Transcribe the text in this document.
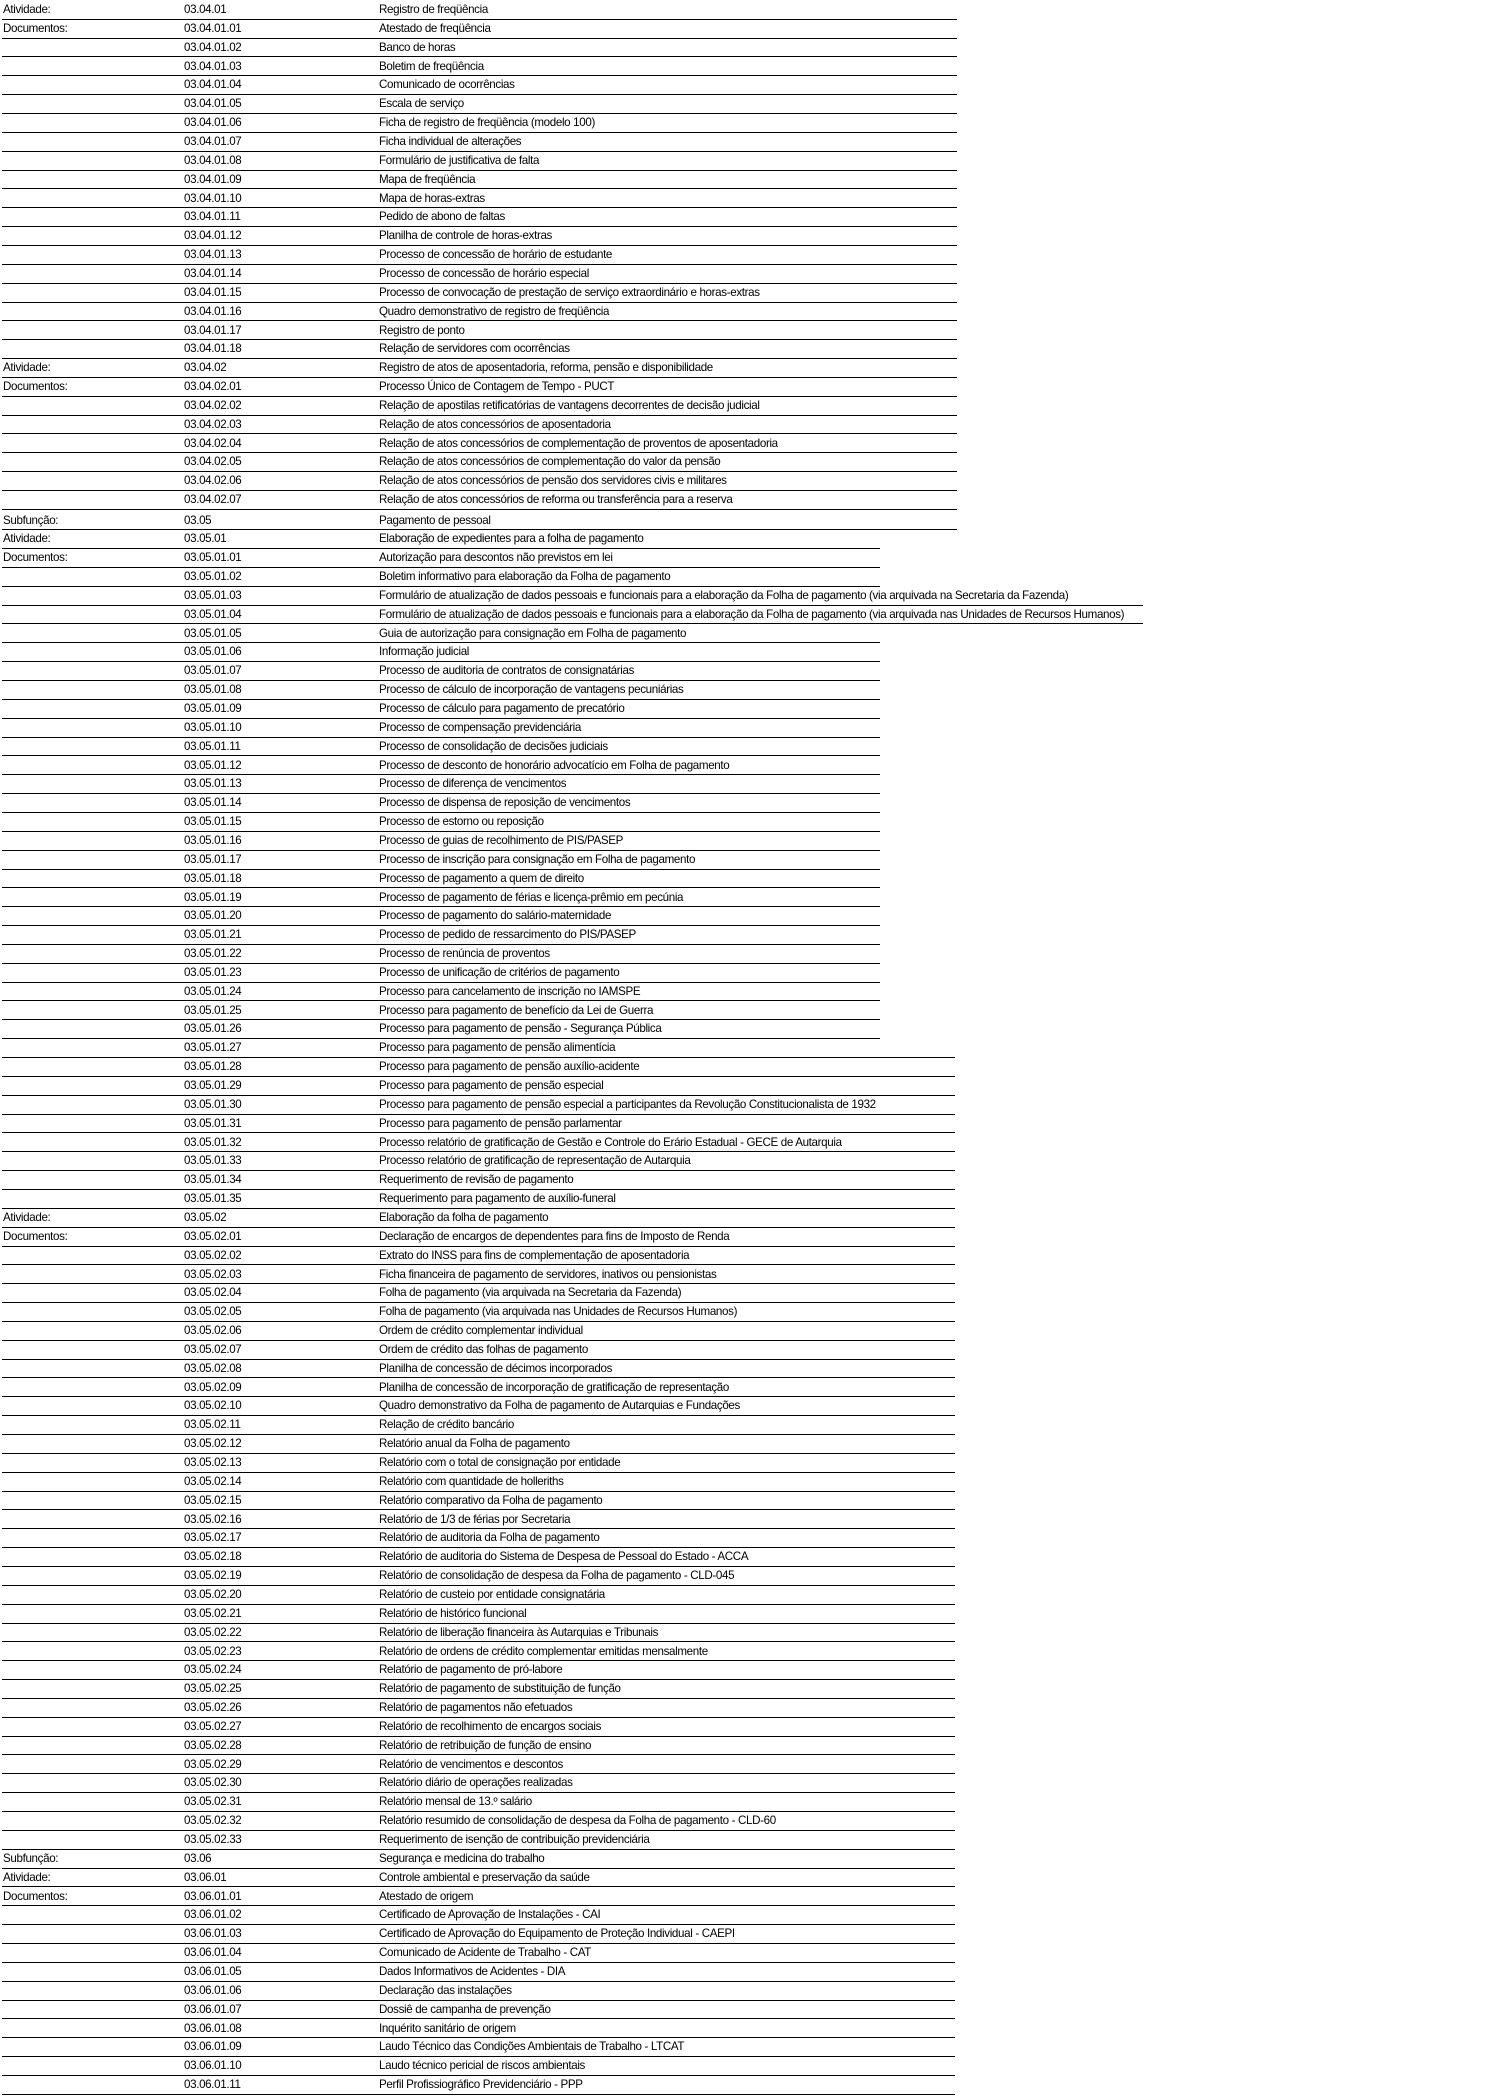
Atividade:	03.04.01	Registro de freqüência
Documentos:	03.04.01.01	Atestado de freqüência
03.04.01.02	Banco de horas
03.04.01.03	Boletim de freqüência
03.04.01.04	Comunicado de ocorrências
03.04.01.05	Escala de serviço
03.04.01.06	Ficha de registro de freqüência (modelo 100)
03.04.01.07	Ficha individual de alterações
03.04.01.08	Formulário de justificativa de falta
03.04.01.09	Mapa de freqüência
03.04.01.10	Mapa de horas-extras
03.04.01.11	Pedido de abono de faltas
03.04.01.12	Planilha de controle de horas-extras
03.04.01.13	Processo de concessão de horário de estudante
03.04.01.14	Processo de concessão de horário especial
03.04.01.15	Processo de convocação de prestação de serviço extraordinário e horas-extras
03.04.01.16	Quadro demonstrativo de registro de freqüência
03.04.01.17	Registro de ponto
03.04.01.18	Relação de servidores com ocorrências
Atividade:	03.04.02	Registro de atos de aposentadoria, reforma, pensão e disponibilidade
Documentos:	03.04.02.01	Processo Único de Contagem de Tempo - PUCT
03.04.02.02	Relação de apostilas retificatórias de vantagens decorrentes de decisão judicial
03.04.02.03	Relação de atos concessórios de aposentadoria
03.04.02.04	Relação de atos concessórios de complementação de proventos de aposentadoria
03.04.02.05	Relação de atos concessórios de complementação do valor da pensão
03.04.02.06	Relação de atos concessórios de pensão dos servidores civis e militares
03.04.02.07	Relação de atos concessórios de reforma ou transferência para a reserva
Subfunção:	03.05	Pagamento de pessoal
Atividade:	03.05.01	Elaboração de expedientes para a folha de pagamento
Documentos:	03.05.01.01	Autorização para descontos não previstos em lei
03.05.01.02	Boletim informativo para elaboração da Folha de pagamento
03.05.01.03	Formulário de atualização de dados pessoais e funcionais para a elaboração da Folha de pagamento (via arquivada na Secretaria da Fazenda)
03.05.01.04	Formulário de atualização de dados pessoais e funcionais para a elaboração da Folha de pagamento (via arquivada nas Unidades de Recursos Humanos)
03.05.01.05	Guia de autorização para consignação em Folha de pagamento
03.05.01.06	Informação judicial
03.05.01.07	Processo de auditoria de contratos de consignatárias
03.05.01.08	Processo de cálculo de incorporação de vantagens pecuniárias
03.05.01.09	Processo de cálculo para pagamento de precatório
03.05.01.10	Processo de compensação previdenciária
03.05.01.11	Processo de consolidação de decisões judiciais
03.05.01.12	Processo de desconto de honorário advocatício em Folha de pagamento
03.05.01.13	Processo de diferença de vencimentos
03.05.01.14	Processo de dispensa de reposição de vencimentos
03.05.01.15	Processo de estorno ou reposição
03.05.01.16	Processo de guias de recolhimento de PIS/PASEP
03.05.01.17	Processo de inscrição para consignação em Folha de pagamento
03.05.01.18	Processo de pagamento a quem de direito
03.05.01.19	Processo de pagamento de férias e licença-prêmio em pecúnia
03.05.01.20	Processo de pagamento do salário-maternidade
03.05.01.21	Processo de pedido de ressarcimento do PIS/PASEP
03.05.01.22	Processo de renúncia de proventos
03.05.01.23	Processo de unificação de critérios de pagamento
03.05.01.24	Processo para cancelamento de inscrição no IAMSPE
03.05.01.25	Processo para pagamento de benefício da Lei de Guerra
03.05.01.26	Processo para pagamento de pensão - Segurança Pública
03.05.01.27	Processo para pagamento de pensão alimentícia
03.05.01.28	Processo para pagamento de pensão auxílio-acidente
03.05.01.29	Processo para pagamento de pensão especial
03.05.01.30	Processo para pagamento de pensão especial a participantes da Revolução Constitucionalista de 1932
03.05.01.31	Processo para pagamento de pensão parlamentar
03.05.01.32	Processo relatório de gratificação de Gestão e Controle do Erário Estadual - GECE de Autarquia
03.05.01.33	Processo relatório de gratificação de representação de Autarquia
03.05.01.34	Requerimento de revisão de pagamento
03.05.01.35	Requerimento para pagamento de auxílio-funeral
Atividade:	03.05.02	Elaboração da folha de pagamento
Documentos:	03.05.02.01	Declaração de encargos de dependentes para fins de Imposto de Renda
03.05.02.02	Extrato do INSS para fins de complementação de aposentadoria
03.05.02.03	Ficha financeira de pagamento de servidores, inativos ou pensionistas
03.05.02.04	Folha de pagamento (via arquivada na Secretaria da Fazenda)
03.05.02.05	Folha de pagamento (via arquivada nas Unidades de Recursos Humanos)
03.05.02.06	Ordem de crédito complementar individual
03.05.02.07	Ordem de crédito das folhas de pagamento
03.05.02.08	Planilha de concessão de décimos incorporados
03.05.02.09	Planilha de concessão de incorporação de gratificação de representação
03.05.02.10	Quadro demonstrativo da Folha de pagamento de Autarquias e Fundações
03.05.02.11	Relação de crédito bancário
03.05.02.12	Relatório anual da Folha de pagamento
03.05.02.13	Relatório com o total de consignação por entidade
03.05.02.14	Relatório com quantidade de holleriths
03.05.02.15	Relatório comparativo da Folha de pagamento
03.05.02.16	Relatório de 1/3 de férias por Secretaria
03.05.02.17	Relatório de auditoria da Folha de pagamento
03.05.02.18	Relatório de auditoria do Sistema de Despesa de Pessoal do Estado - ACCA
03.05.02.19	Relatório de consolidação de despesa da Folha de pagamento - CLD-045
03.05.02.20	Relatório de custeio por entidade consignatária
03.05.02.21	Relatório de histórico funcional
03.05.02.22	Relatório de liberação financeira às Autarquias e Tribunais
03.05.02.23	Relatório de ordens de crédito complementar emitidas mensalmente
03.05.02.24	Relatório de pagamento de pró-labore
03.05.02.25	Relatório de pagamento de substituição de função
03.05.02.26	Relatório de pagamentos não efetuados
03.05.02.27	Relatório de recolhimento de encargos sociais
03.05.02.28	Relatório de retribuição de função de ensino
03.05.02.29	Relatório de vencimentos e descontos
03.05.02.30	Relatório diário de operações realizadas
03.05.02.31	Relatório mensal de 13.º salário
03.05.02.32	Relatório resumido de consolidação de despesa da Folha de pagamento - CLD-60
03.05.02.33	Requerimento de isenção de contribuição previdenciária
Subfunção:	03.06	Segurança e medicina do trabalho
Atividade:	03.06.01	Controle ambiental e preservação da saúde
Documentos:	03.06.01.01	Atestado de origem
03.06.01.02	Certificado de Aprovação de Instalações - CAI
03.06.01.03	Certificado de Aprovação do Equipamento de Proteção Individual - CAEPI
03.06.01.04	Comunicado de Acidente de Trabalho - CAT
03.06.01.05	Dados Informativos de Acidentes - DIA
03.06.01.06	Declaração das instalações
03.06.01.07	Dossiê de campanha de prevenção
03.06.01.08	Inquérito sanitário de origem
03.06.01.09	Laudo Técnico das Condições Ambientais de Trabalho - LTCAT
03.06.01.10	Laudo técnico pericial de riscos ambientais
03.06.01.11	Perfil Profissiográfico Previdenciário - PPP
